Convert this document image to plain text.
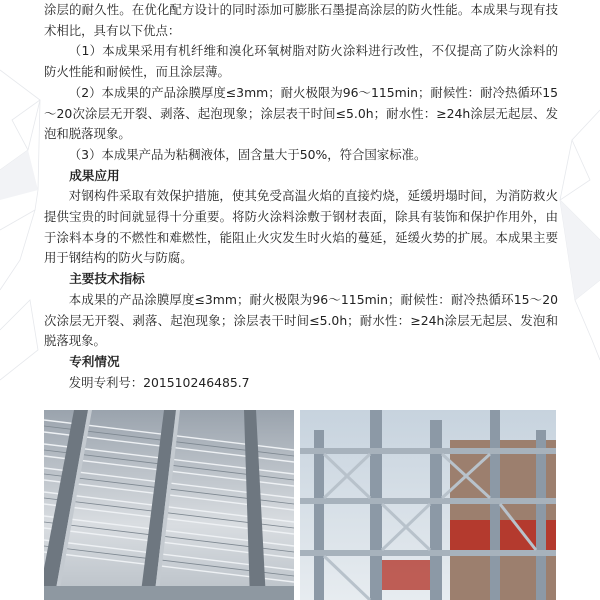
涂层的耐久性。在优化配方设计的同时添加可膨胀石墨提高涂层的防火性能。本成果与现有技术相比，具有以下优点：

（1）本成果采用有机纤维和溴化环氧树脂对防火涂料进行改性，不仅提高了防火涂料的防火性能和耐候性，而且涂层薄。

（2）本成果的产品涂膜厚度≤3mm；耐火极限为96～115min；耐候性：耐冷热循环15～20次涂层无开裂、剥落、起泡现象；涂层表干时间≤5.0h；耐水性：≥24h涂层无起层、发泡和脱落现象。

（3）本成果产品为粘稠液体，固含量大于50%，符合国家标准。

成果应用

对钢构件采取有效保护措施，使其免受高温火焰的直接灼烧，延缓坍塌时间，为消防救火提供宝贵的时间就显得十分重要。将防火涂料涂敷于钢材表面，除具有装饰和保护作用外，由于涂料本身的不燃性和难燃性，能阻止火灾发生时火焰的蔓延，延缓火势的扩展。本成果主要用于钢结构的防火与防腐。

主要技术指标

本成果的产品涂膜厚度≤3mm；耐火极限为96～115min；耐候性：耐冷热循环15～20次涂层无开裂、剥落、起泡现象；涂层表干时间≤5.0h；耐水性：≥24h涂层无起层、发泡和脱落现象。

专利情况

发明专利号：201510246485.7
